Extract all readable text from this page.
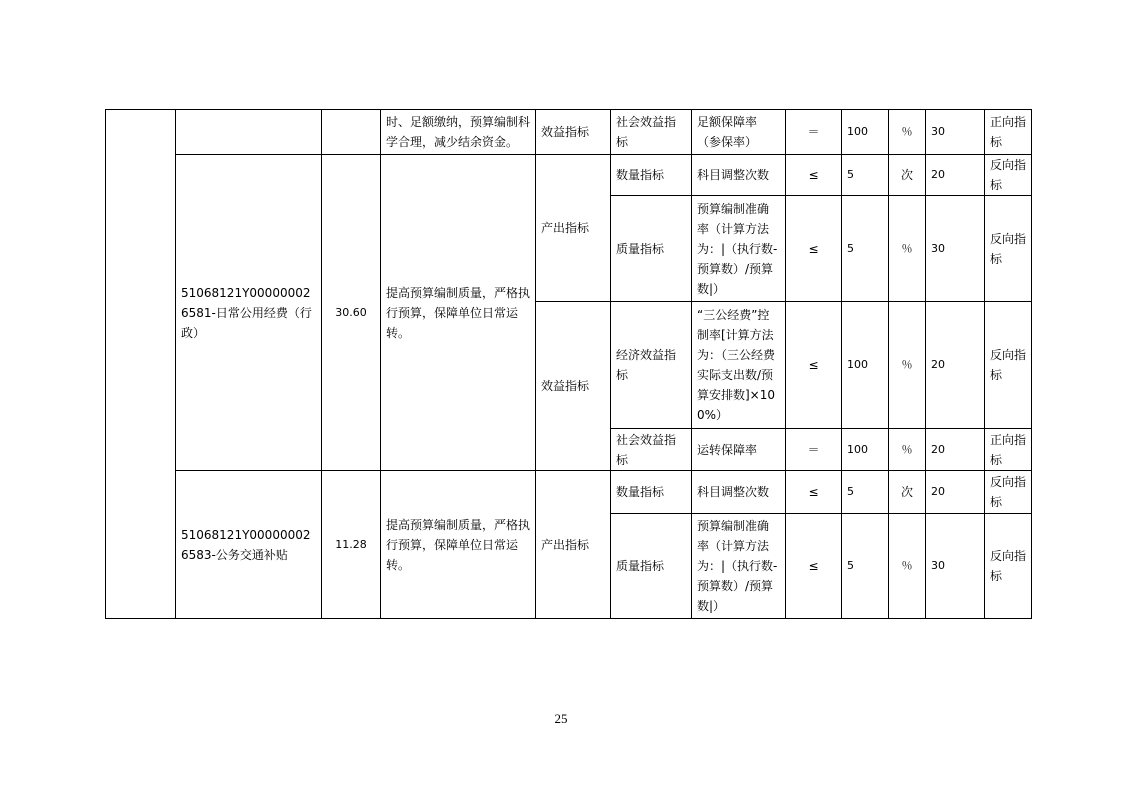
			时、足额缴纳，预算编制科学合理，减少结余资金。	效益指标	社会效益指标	足额保障率（参保率）	＝	100	％	30	正向指标
	51068121Y000000026581-日常公用经费（行政）	30.60	提高预算编制质量，严格执行预算，保障单位日常运转。	产出指标	数量指标	科目调整次数	≤	5	次	20	反向指标
					质量指标	预算编制准确率（计算方法为：|（执行数-预算数）/预算数|）	≤	5	％	30	反向指标
				效益指标	经济效益指标	“三公经费”控制率[计算方法为：（三公经费实际支出数/预算安排数]×100%）	≤	100	％	20	反向指标
					社会效益指标	运转保障率	＝	100	％	20	正向指标
	51068121Y000000026583-公务交通补贴	11.28	提高预算编制质量，严格执行预算，保障单位日常运转。	产出指标	数量指标	科目调整次数	≤	5	次	20	反向指标
					质量指标	预算编制准确率（计算方法为：|（执行数-预算数）/预算数|）	≤	5	％	30	反向指标
25
